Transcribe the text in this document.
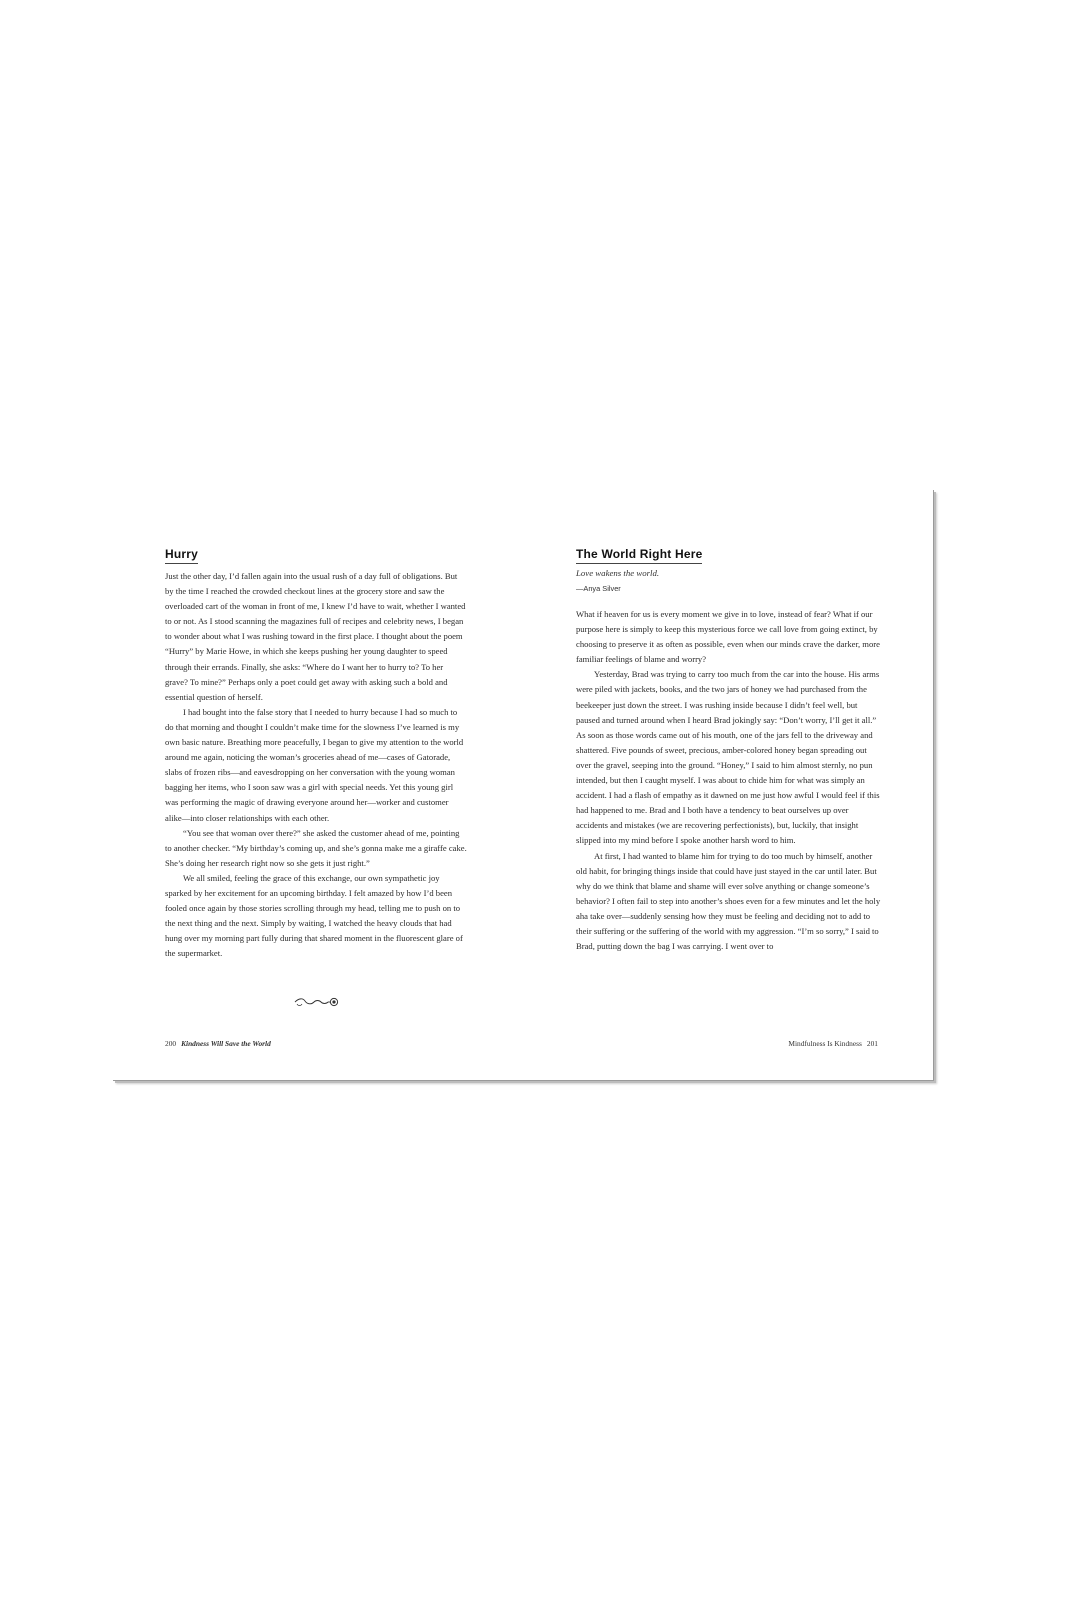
Hurry

Just the other day, I’d fallen again into the usual rush of a day full of obligations. But by the time I reached the crowded checkout lines at the grocery store and saw the overloaded cart of the woman in front of me, I knew I’d have to wait, whether I wanted to or not. As I stood scanning the magazines full of recipes and celebrity news, I began to wonder about what I was rushing toward in the first place. I thought about the poem “Hurry” by Marie Howe, in which she keeps pushing her young daughter to speed through their errands. Finally, she asks: “Where do I want her to hurry to? To her grave? To mine?” Perhaps only a poet could get away with asking such a bold and essential question of herself.

I had bought into the false story that I needed to hurry because I had so much to do that morning and thought I couldn’t make time for the slowness I’ve learned is my own basic nature. Breathing more peacefully, I began to give my attention to the world around me again, noticing the woman’s groceries ahead of me—cases of Gatorade, slabs of frozen ribs—and eavesdropping on her conversation with the young woman bagging her items, who I soon saw was a girl with special needs. Yet this young girl was performing the magic of drawing everyone around her—worker and customer alike—into closer relationships with each other.

“You see that woman over there?” she asked the customer ahead of me, pointing to another checker. “My birthday’s coming up, and she’s gonna make me a giraffe cake. She’s doing her research right now so she gets it just right.”

We all smiled, feeling the grace of this exchange, our own sympathetic joy sparked by her excitement for an upcoming birthday. I felt amazed by how I’d been fooled once again by those stories scrolling through my head, telling me to push on to the next thing and the next. Simply by waiting, I watched the heavy clouds that had hung over my morning part fully during that shared moment in the fluorescent glare of the supermarket.

200 Kindness Will Save the World
The World Right Here
Love wakens the world.
—Anya Silver

What if heaven for us is every moment we give in to love, instead of fear? What if our purpose here is simply to keep this mysterious force we call love from going extinct, by choosing to preserve it as often as possible, even when our minds crave the darker, more familiar feelings of blame and worry?

Yesterday, Brad was trying to carry too much from the car into the house. His arms were piled with jackets, books, and the two jars of honey we had purchased from the beekeeper just down the street. I was rushing inside because I didn’t feel well, but paused and turned around when I heard Brad jokingly say: “Don’t worry, I’ll get it all.” As soon as those words came out of his mouth, one of the jars fell to the driveway and shattered. Five pounds of sweet, precious, amber-colored honey began spreading out over the gravel, seeping into the ground. “Honey,” I said to him almost sternly, no pun intended, but then I caught myself. I was about to chide him for what was simply an accident. I had a flash of empathy as it dawned on me just how awful I would feel if this had happened to me. Brad and I both have a tendency to beat ourselves up over accidents and mistakes (we are recovering perfectionists), but, luckily, that insight slipped into my mind before I spoke another harsh word to him.

At first, I had wanted to blame him for trying to do too much by himself, another old habit, for bringing things inside that could have just stayed in the car until later. But why do we think that blame and shame will ever solve anything or change someone’s behavior? I often fail to step into another’s shoes even for a few minutes and let the holy aha take over—suddenly sensing how they must be feeling and deciding not to add to their suffering or the suffering of the world with my aggression. “I’m so sorry,” I said to Brad, putting down the bag I was carrying. I went over to

Mindfulness Is Kindness 201
